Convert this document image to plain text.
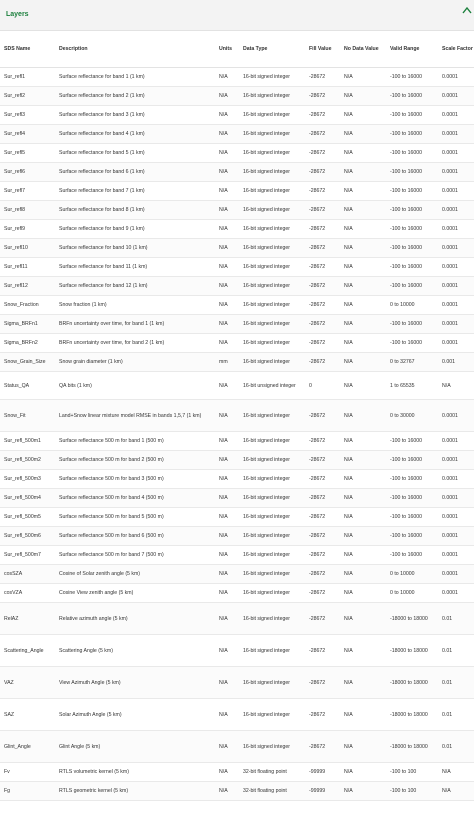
Layers
SDS Name	Description	Units	Data Type	Fill Value	No Data Value	Valid Range	Scale Factor
Sur_refl1	Surface reflectance for band 1 (1 km)	N/A	16-bit signed integer	-28672	N/A	-100 to 16000	0.0001
Sur_refl2	Surface reflectance for band 2 (1 km)	N/A	16-bit signed integer	-28672	N/A	-100 to 16000	0.0001
Sur_refl3	Surface reflectance for band 3 (1 km)	N/A	16-bit signed integer	-28672	N/A	-100 to 16000	0.0001
Sur_refl4	Surface reflectance for band 4 (1 km)	N/A	16-bit signed integer	-28672	N/A	-100 to 16000	0.0001
Sur_refl5	Surface reflectance for band 5 (1 km)	N/A	16-bit signed integer	-28672	N/A	-100 to 16000	0.0001
Sur_refl6	Surface reflectance for band 6 (1 km)	N/A	16-bit signed integer	-28672	N/A	-100 to 16000	0.0001
Sur_refl7	Surface reflectance for band 7 (1 km)	N/A	16-bit signed integer	-28672	N/A	-100 to 16000	0.0001
Sur_refl8	Surface reflectance for band 8 (1 km)	N/A	16-bit signed integer	-28672	N/A	-100 to 16000	0.0001
Sur_refl9	Surface reflectance for band 9 (1 km)	N/A	16-bit signed integer	-28672	N/A	-100 to 16000	0.0001
Sur_refl10	Surface reflectance for band 10 (1 km)	N/A	16-bit signed integer	-28672	N/A	-100 to 16000	0.0001
Sur_refl11	Surface reflectance for band 11 (1 km)	N/A	16-bit signed integer	-28672	N/A	-100 to 16000	0.0001
Sur_refl12	Surface reflectance for band 12 (1 km)	N/A	16-bit signed integer	-28672	N/A	-100 to 16000	0.0001
Snow_Fraction	Snow fraction (1 km)	N/A	16-bit signed integer	-28672	N/A	0 to 10000	0.0001
Sigma_BRFn1	BRFn uncertainty over time, for band 1 (1 km)	N/A	16-bit signed integer	-28672	N/A	-100 to 16000	0.0001
Sigma_BRFn2	BRFn uncertainty over time, for band 2 (1 km)	N/A	16-bit signed integer	-28672	N/A	-100 to 16000	0.0001
Snow_Grain_Size	Snow grain diameter (1 km)	mm	16-bit signed integer	-28672	N/A	0 to 32767	0.001
Status_QA	QA bits (1 km)	N/A	16-bit unsigned integer	0	N/A	1 to 65535	N/A
Snow_Fit	Land+Snow linear mixture model RMSE in bands 1,5,7 (1 km)	N/A	16-bit signed integer	-28672	N/A	0 to 30000	0.0001
Sur_refl_500m1	Surface reflectance 500 m for band 1 (500 m)	N/A	16-bit signed integer	-28672	N/A	-100 to 16000	0.0001
Sur_refl_500m2	Surface reflectance 500 m for band 2 (500 m)	N/A	16-bit signed integer	-28672	N/A	-100 to 16000	0.0001
Sur_refl_500m3	Surface reflectance 500 m for band 3 (500 m)	N/A	16-bit signed integer	-28672	N/A	-100 to 16000	0.0001
Sur_refl_500m4	Surface reflectance 500 m for band 4 (500 m)	N/A	16-bit signed integer	-28672	N/A	-100 to 16000	0.0001
Sur_refl_500m5	Surface reflectance 500 m for band 5 (500 m)	N/A	16-bit signed integer	-28672	N/A	-100 to 16000	0.0001
Sur_refl_500m6	Surface reflectance 500 m for band 6 (500 m)	N/A	16-bit signed integer	-28672	N/A	-100 to 16000	0.0001
Sur_refl_500m7	Surface reflectance 500 m for band 7 (500 m)	N/A	16-bit signed integer	-28672	N/A	-100 to 16000	0.0001
cosSZA	Cosine of Solar zenith angle (5 km)	N/A	16-bit signed integer	-28672	N/A	0 to 10000	0.0001
cosVZA	Cosine View zenith angle (5 km)	N/A	16-bit signed integer	-28672	N/A	0 to 10000	0.0001
RelAZ	Relative azimuth angle (5 km)	N/A	16-bit signed integer	-28672	N/A	-18000 to 18000	0.01
Scattering_Angle	Scattering Angle (5 km)	N/A	16-bit signed integer	-28672	N/A	-18000 to 18000	0.01
VAZ	View Azimuth Angle (5 km)	N/A	16-bit signed integer	-28672	N/A	-18000 to 18000	0.01
SAZ	Solar Azimuth Angle (5 km)	N/A	16-bit signed integer	-28672	N/A	-18000 to 18000	0.01
Glint_Angle	Glint Angle (5 km)	N/A	16-bit signed integer	-28672	N/A	-18000 to 18000	0.01
Fv	RTLS volumetric kernel (5 km)	N/A	32-bit floating point	-99999	N/A	-100 to 100	N/A
Fg	RTLS geometric kernel (5 km)	N/A	32-bit floating point	-99999	N/A	-100 to 100	N/A
